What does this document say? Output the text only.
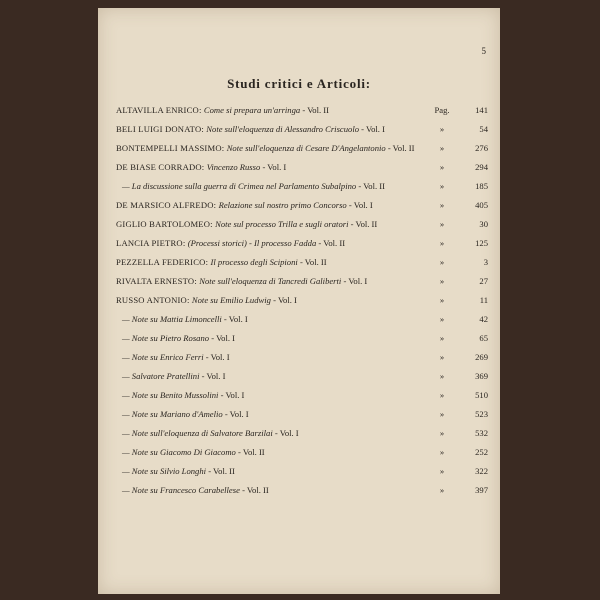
5
Studi critici e Articoli:
ALTAVILLA ENRICO: Come si prepara un'arringa - Vol. II	Pag.	141
BELI LUIGI DONATO: Note sull'eloquenza di Alessandro Criscuolo - Vol. I	»	54
BONTEMPELLI MASSIMO: Note sull'eloquenza di Cesare D'Angelantonio - Vol. II	»	276
DE BIASE CORRADO: Vincenzo Russo - Vol. I	»	294
— La discussione sulla guerra di Crimea nel Parlamento Subalpino - Vol. II	»	185
DE MARSICO ALFREDO: Relazione sul nostro primo Concorso - Vol. I	»	405
GIGLIO BARTOLOMEO: Note sul processo Trilla e sugli oratori - Vol. II	»	30
LANCIA PIETRO: (Processi storici) - Il processo Fadda - Vol. II	»	125
PEZZELLA FEDERICO: Il processo degli Scipioni - Vol. II	»	3
RIVALTA ERNESTO: Note sull'eloquenza di Tancredi Galiberti - Vol. I	»	27
RUSSO ANTONIO: Note su Emilio Ludwig - Vol. I	»	11
— Note su Mattia Limoncelli - Vol. I	»	42
— Note su Pietro Rosano - Vol. I	»	65
— Note su Enrico Ferri - Vol. I	»	269
— Salvatore Pratellini - Vol. I	»	369
— Note su Benito Mussolini - Vol. I	»	510
— Note su Mariano d'Amelio - Vol. I	»	523
— Note sull'eloquenza di Salvatore Barzilai - Vol. I	»	532
— Note su Giacomo Di Giacomo - Vol. II	»	252
— Note su Silvio Longhi - Vol. II	»	322
— Note su Francesco Carabellese - Vol. II	»	397
